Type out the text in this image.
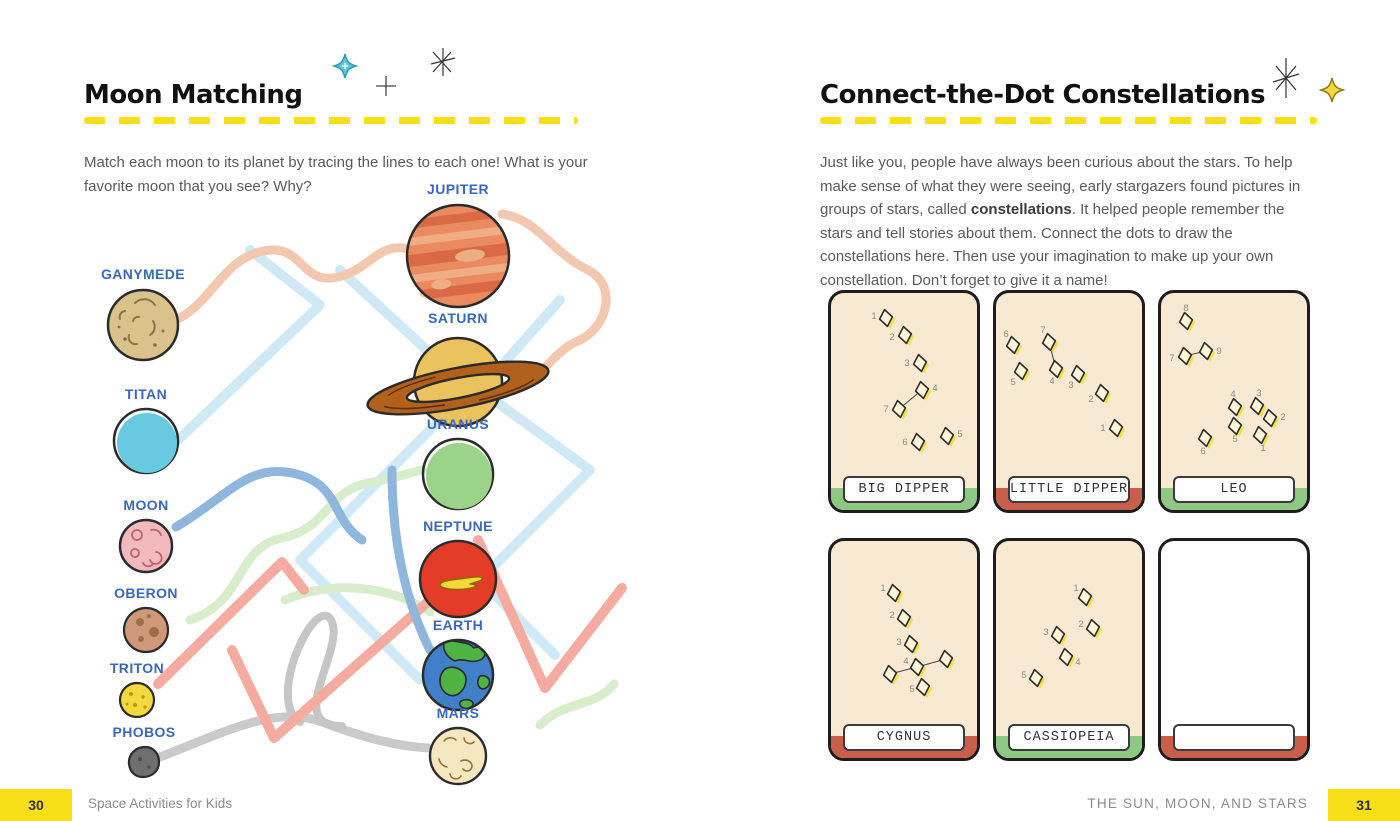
Moon Matching
Match each moon to its planet by tracing the lines to each one! What is your favorite moon that you see? Why?
GANYMEDE
TITAN
MOON
OBERON
TRITON
PHOBOS
JUPITER
SATURN
URANUS
NEPTUNE
EARTH
MARS
30	Space Activities for Kids
Connect-the-Dot Constellations
Just like you, people have always been curious about the stars. To help make sense of what they were seeing, early stargazers found pictures in groups of stars, called constellations. It helped people remember the stars and tell stories about them. Connect the dots to draw the constellations here. Then use your imagination to make up your own constellation. Don’t forget to give it a name!
1
2
3
4
7
5
6
BIG DIPPER
6	7
5	4 3
2
1
LITTLE DIPPER
8
7
9
4 3
2
5
1
6
LEO
1
2
3
4
5
CYGNUS
1
2
3
4
5
CASSIOPEIA
THE SUN, MOON, AND STARS	31
